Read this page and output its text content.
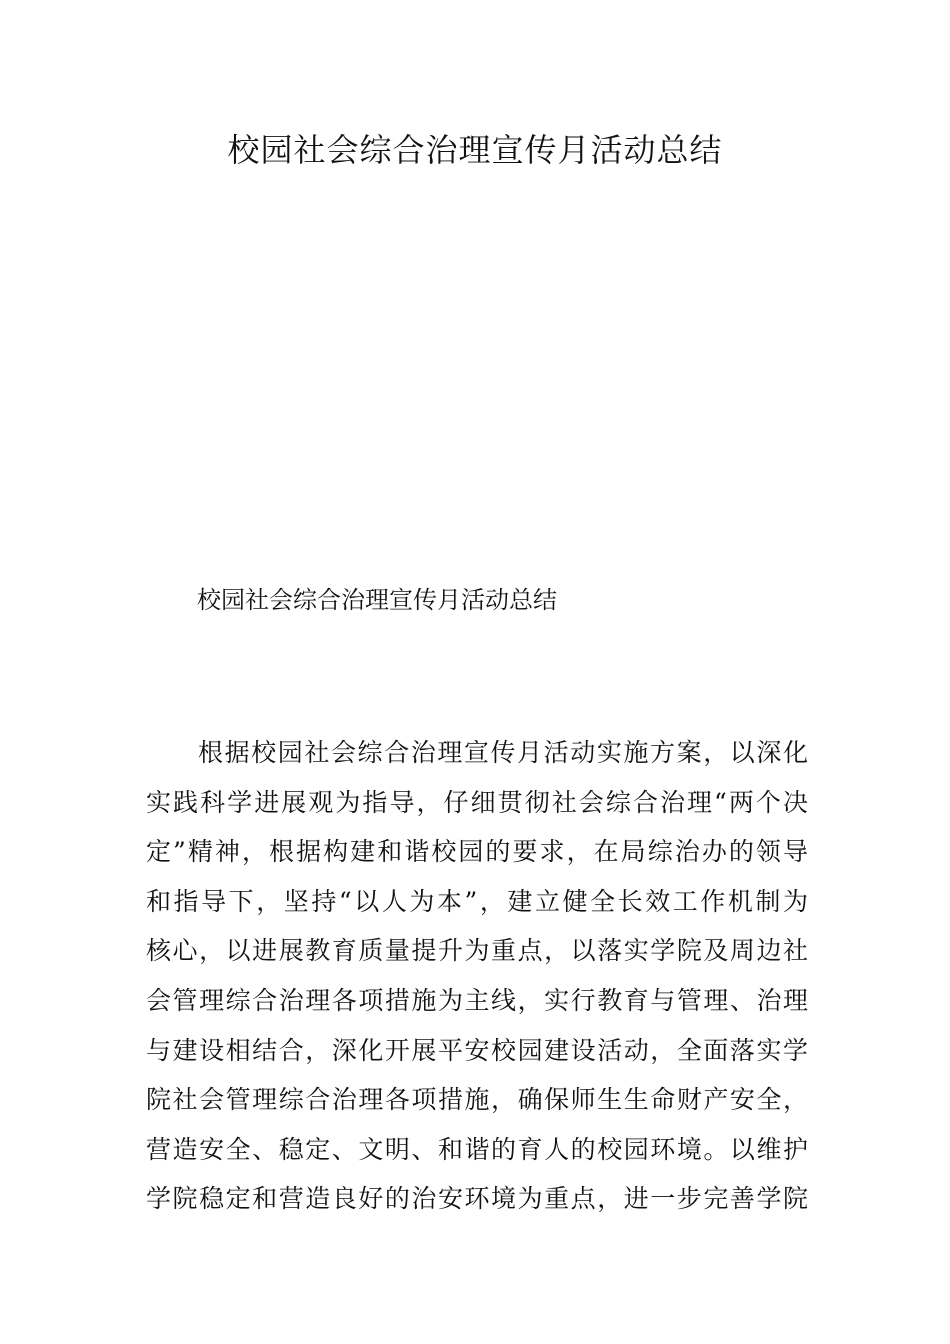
校园社会综合治理宣传月活动总结

校园社会综合治理宣传月活动总结

根据校园社会综合治理宣传月活动实施方案，以深化
实践科学进展观为指导，仔细贯彻社会综合治理“两个决
定”精神，根据构建和谐校园的要求，在局综治办的领导
和指导下，坚持“以人为本”，建立健全长效工作机制为
核心，以进展教育质量提升为重点，以落实学院及周边社
会管理综合治理各项措施为主线，实行教育与管理、治理
与建设相结合，深化开展平安校园建设活动，全面落实学
院社会管理综合治理各项措施，确保师生生命财产安全，
营造安全、稳定、文明、和谐的育人的校园环境。以维护
学院稳定和营造良好的治安环境为重点，进一步完善学院
